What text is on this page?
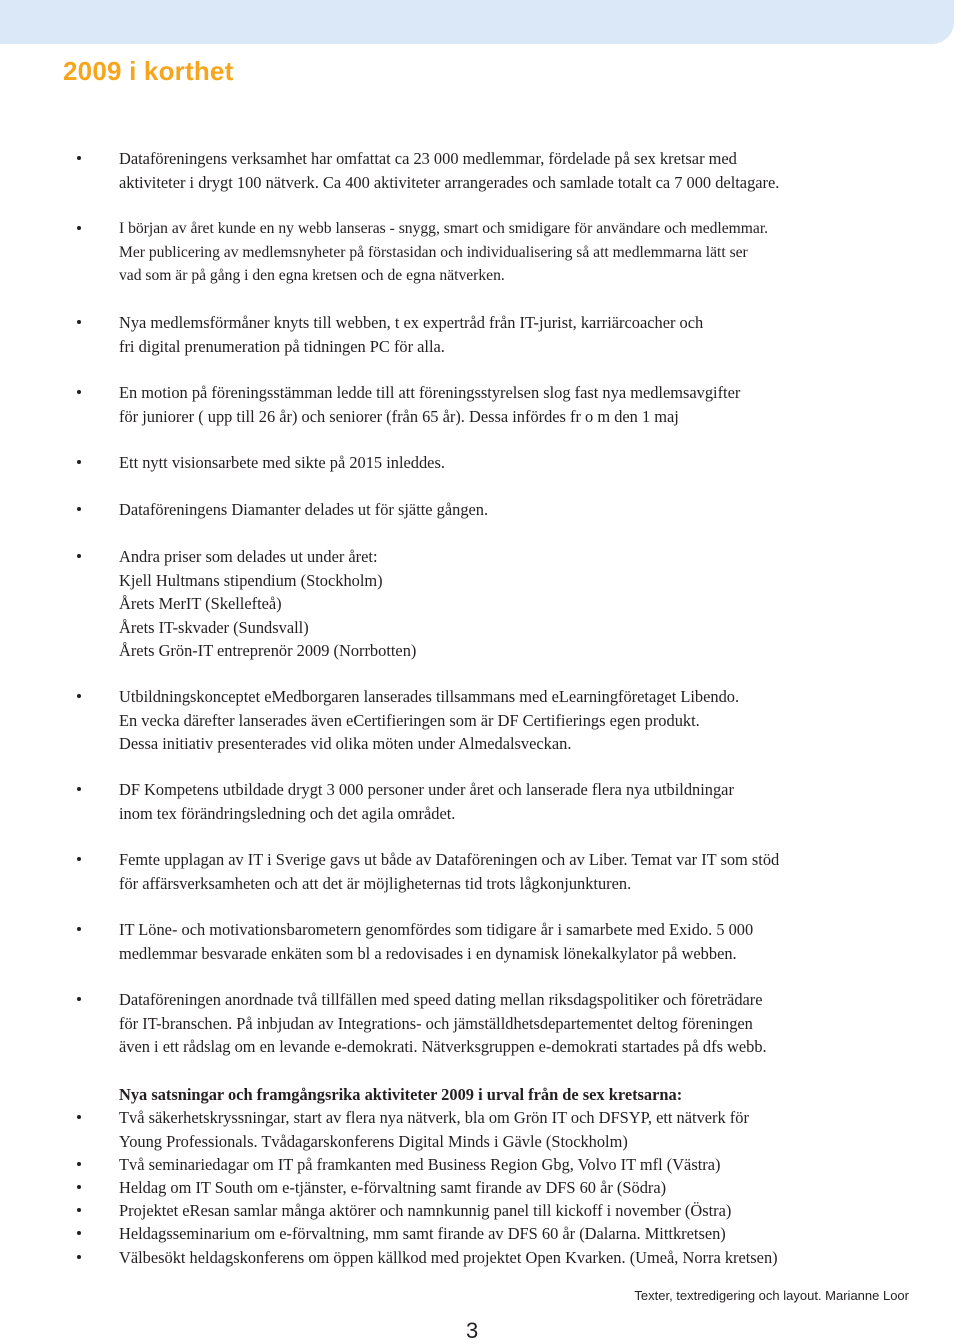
2009 i korthet
Dataföreningens verksamhet har omfattat ca 23 000 medlemmar, fördelade på sex kretsar med
aktiviteter i drygt 100 nätverk. Ca 400 aktiviteter arrangerades och samlade totalt ca 7 000 deltagare.
I början av året kunde en ny webb lanseras - snygg, smart och smidigare för användare och medlemmar.
Mer publicering av medlemsnyheter på förstasidan och individualisering så att medlemmarna lätt ser
vad som är på gång i den egna kretsen och de egna nätverken.
Nya medlemsförmåner knyts till webben, t ex expertråd från IT-jurist, karriärcoacher och
fri digital prenumeration på tidningen PC för alla.
En motion på föreningsstämman ledde till att föreningsstyrelsen slog fast nya medlemsavgifter
för juniorer ( upp till 26 år) och seniorer (från 65 år). Dessa infördes fr o m den 1 maj
Ett nytt visionsarbete med sikte på 2015 inleddes.
Dataföreningens Diamanter delades ut för sjätte gången.
Andra priser som delades ut under året:
Kjell Hultmans stipendium (Stockholm)
Årets MerIT (Skellefteå)
Årets IT-skvader (Sundsvall)
Årets Grön-IT entreprenör 2009 (Norrbotten)
Utbildningskonceptet eMedborgaren lanserades tillsammans med eLearningföretaget Libendo.
En vecka därefter lanserades även eCertifieringen som är DF Certifierings egen produkt.
Dessa initiativ presenterades vid olika möten under Almedalsveckan.
DF Kompetens utbildade drygt 3 000 personer under året och lanserade flera nya utbildningar
inom tex förändringsledning och det agila området.
Femte upplagan av IT i Sverige gavs ut både av Dataföreningen och av Liber. Temat var IT som stöd
för affärsverksamheten och att det är möjligheternas tid trots lågkonjunkturen.
IT Löne- och motivationsbarometern genomfördes som tidigare år i samarbete med Exido. 5 000
medlemmar besvarade enkäten som bl a redovisades i en dynamisk lönekalkylator på webben.
Dataföreningen anordnade två tillfällen med speed dating mellan riksdagspolitiker och företrädare
för IT-branschen. På inbjudan av Integrations- och jämställdhetsdepartementet deltog föreningen
även i ett rådslag om en levande e-demokrati. Nätverksgruppen e-demokrati startades på dfs webb.
Nya satsningar och framgångsrika aktiviteter 2009 i urval från de sex kretsarna:
Två säkerhetskryssningar, start av flera nya nätverk, bla om Grön IT och DFSYP, ett nätverk för
Young Professionals. Tvådagarskonferens Digital Minds i Gävle (Stockholm)
Två seminariedagar om IT på framkanten med Business Region Gbg, Volvo IT mfl (Västra)
Heldag om IT South om e-tjänster, e-förvaltning samt firande av DFS 60 år (Södra)
Projektet eResan samlar många aktörer och namnkunnig panel till kickoff i november (Östra)
Heldagsseminarium om e-förvaltning, mm samt firande av DFS 60 år (Dalarna. Mittkretsen)
Välbesökt heldagskonferens om öppen källkod med projektet Open Kvarken. (Umeå, Norra kretsen)
Texter, textredigering och layout. Marianne Loor
3
